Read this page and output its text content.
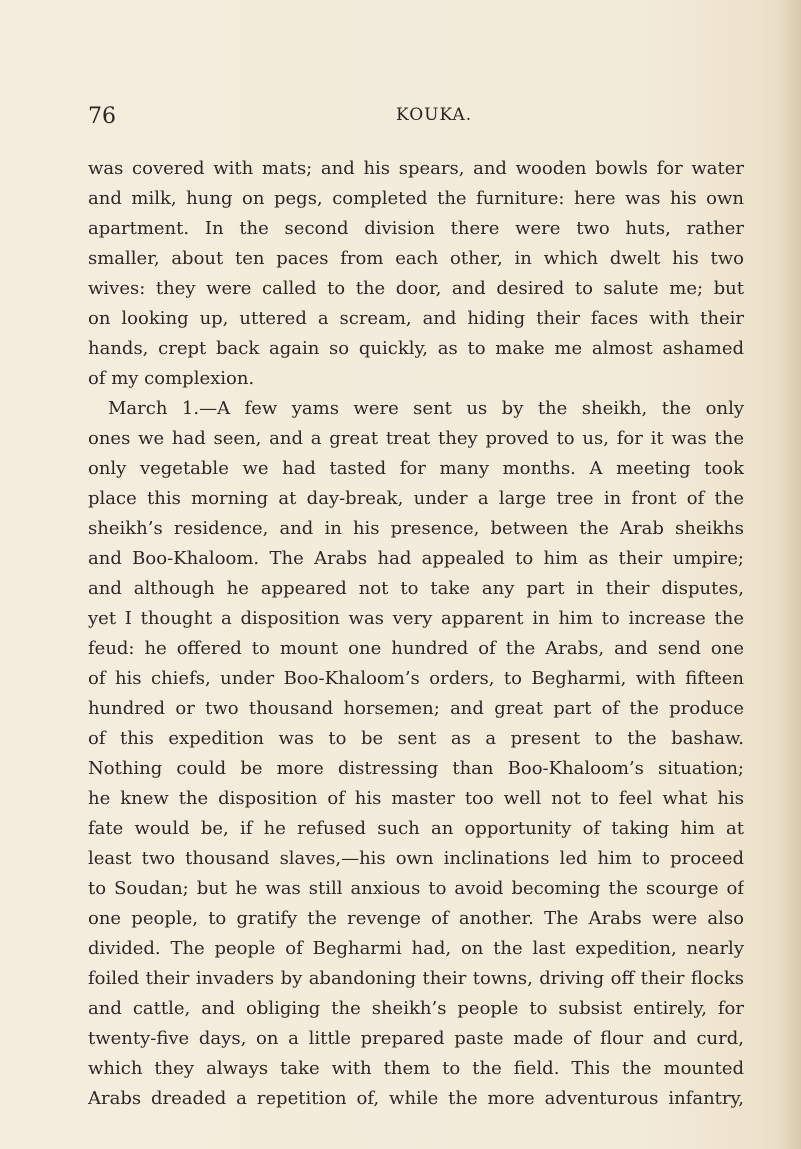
76	KOUKA.
was covered with mats; and his spears, and wooden bowls for water
and milk, hung on pegs, completed the furniture: here was his own
apartment. In the second division there were two huts, rather
smaller, about ten paces from each other, in which dwelt his two
wives: they were called to the door, and desired to salute me; but
on looking up, uttered a scream, and hiding their faces with their
hands, crept back again so quickly, as to make me almost ashamed
of my complexion.
March 1.—A few yams were sent us by the sheikh, the only
ones we had seen, and a great treat they proved to us, for it was the
only vegetable we had tasted for many months. A meeting took
place this morning at day-break, under a large tree in front of the
sheikh’s residence, and in his presence, between the Arab sheikhs
and Boo-Khaloom. The Arabs had appealed to him as their umpire;
and although he appeared not to take any part in their disputes,
yet I thought a disposition was very apparent in him to increase the
feud: he offered to mount one hundred of the Arabs, and send one
of his chiefs, under Boo-Khaloom’s orders, to Begharmi, with fifteen
hundred or two thousand horsemen; and great part of the produce
of this expedition was to be sent as a present to the bashaw.
Nothing could be more distressing than Boo-Khaloom’s situation;
he knew the disposition of his master too well not to feel what his
fate would be, if he refused such an opportunity of taking him at
least two thousand slaves,—his own inclinations led him to proceed
to Soudan; but he was still anxious to avoid becoming the scourge of
one people, to gratify the revenge of another. The Arabs were also
divided. The people of Begharmi had, on the last expedition, nearly
foiled their invaders by abandoning their towns, driving off their flocks
and cattle, and obliging the sheikh’s people to subsist entirely, for
twenty-five days, on a little prepared paste made of flour and curd,
which they always take with them to the field. This the mounted
Arabs dreaded a repetition of, while the more adventurous infantry,
